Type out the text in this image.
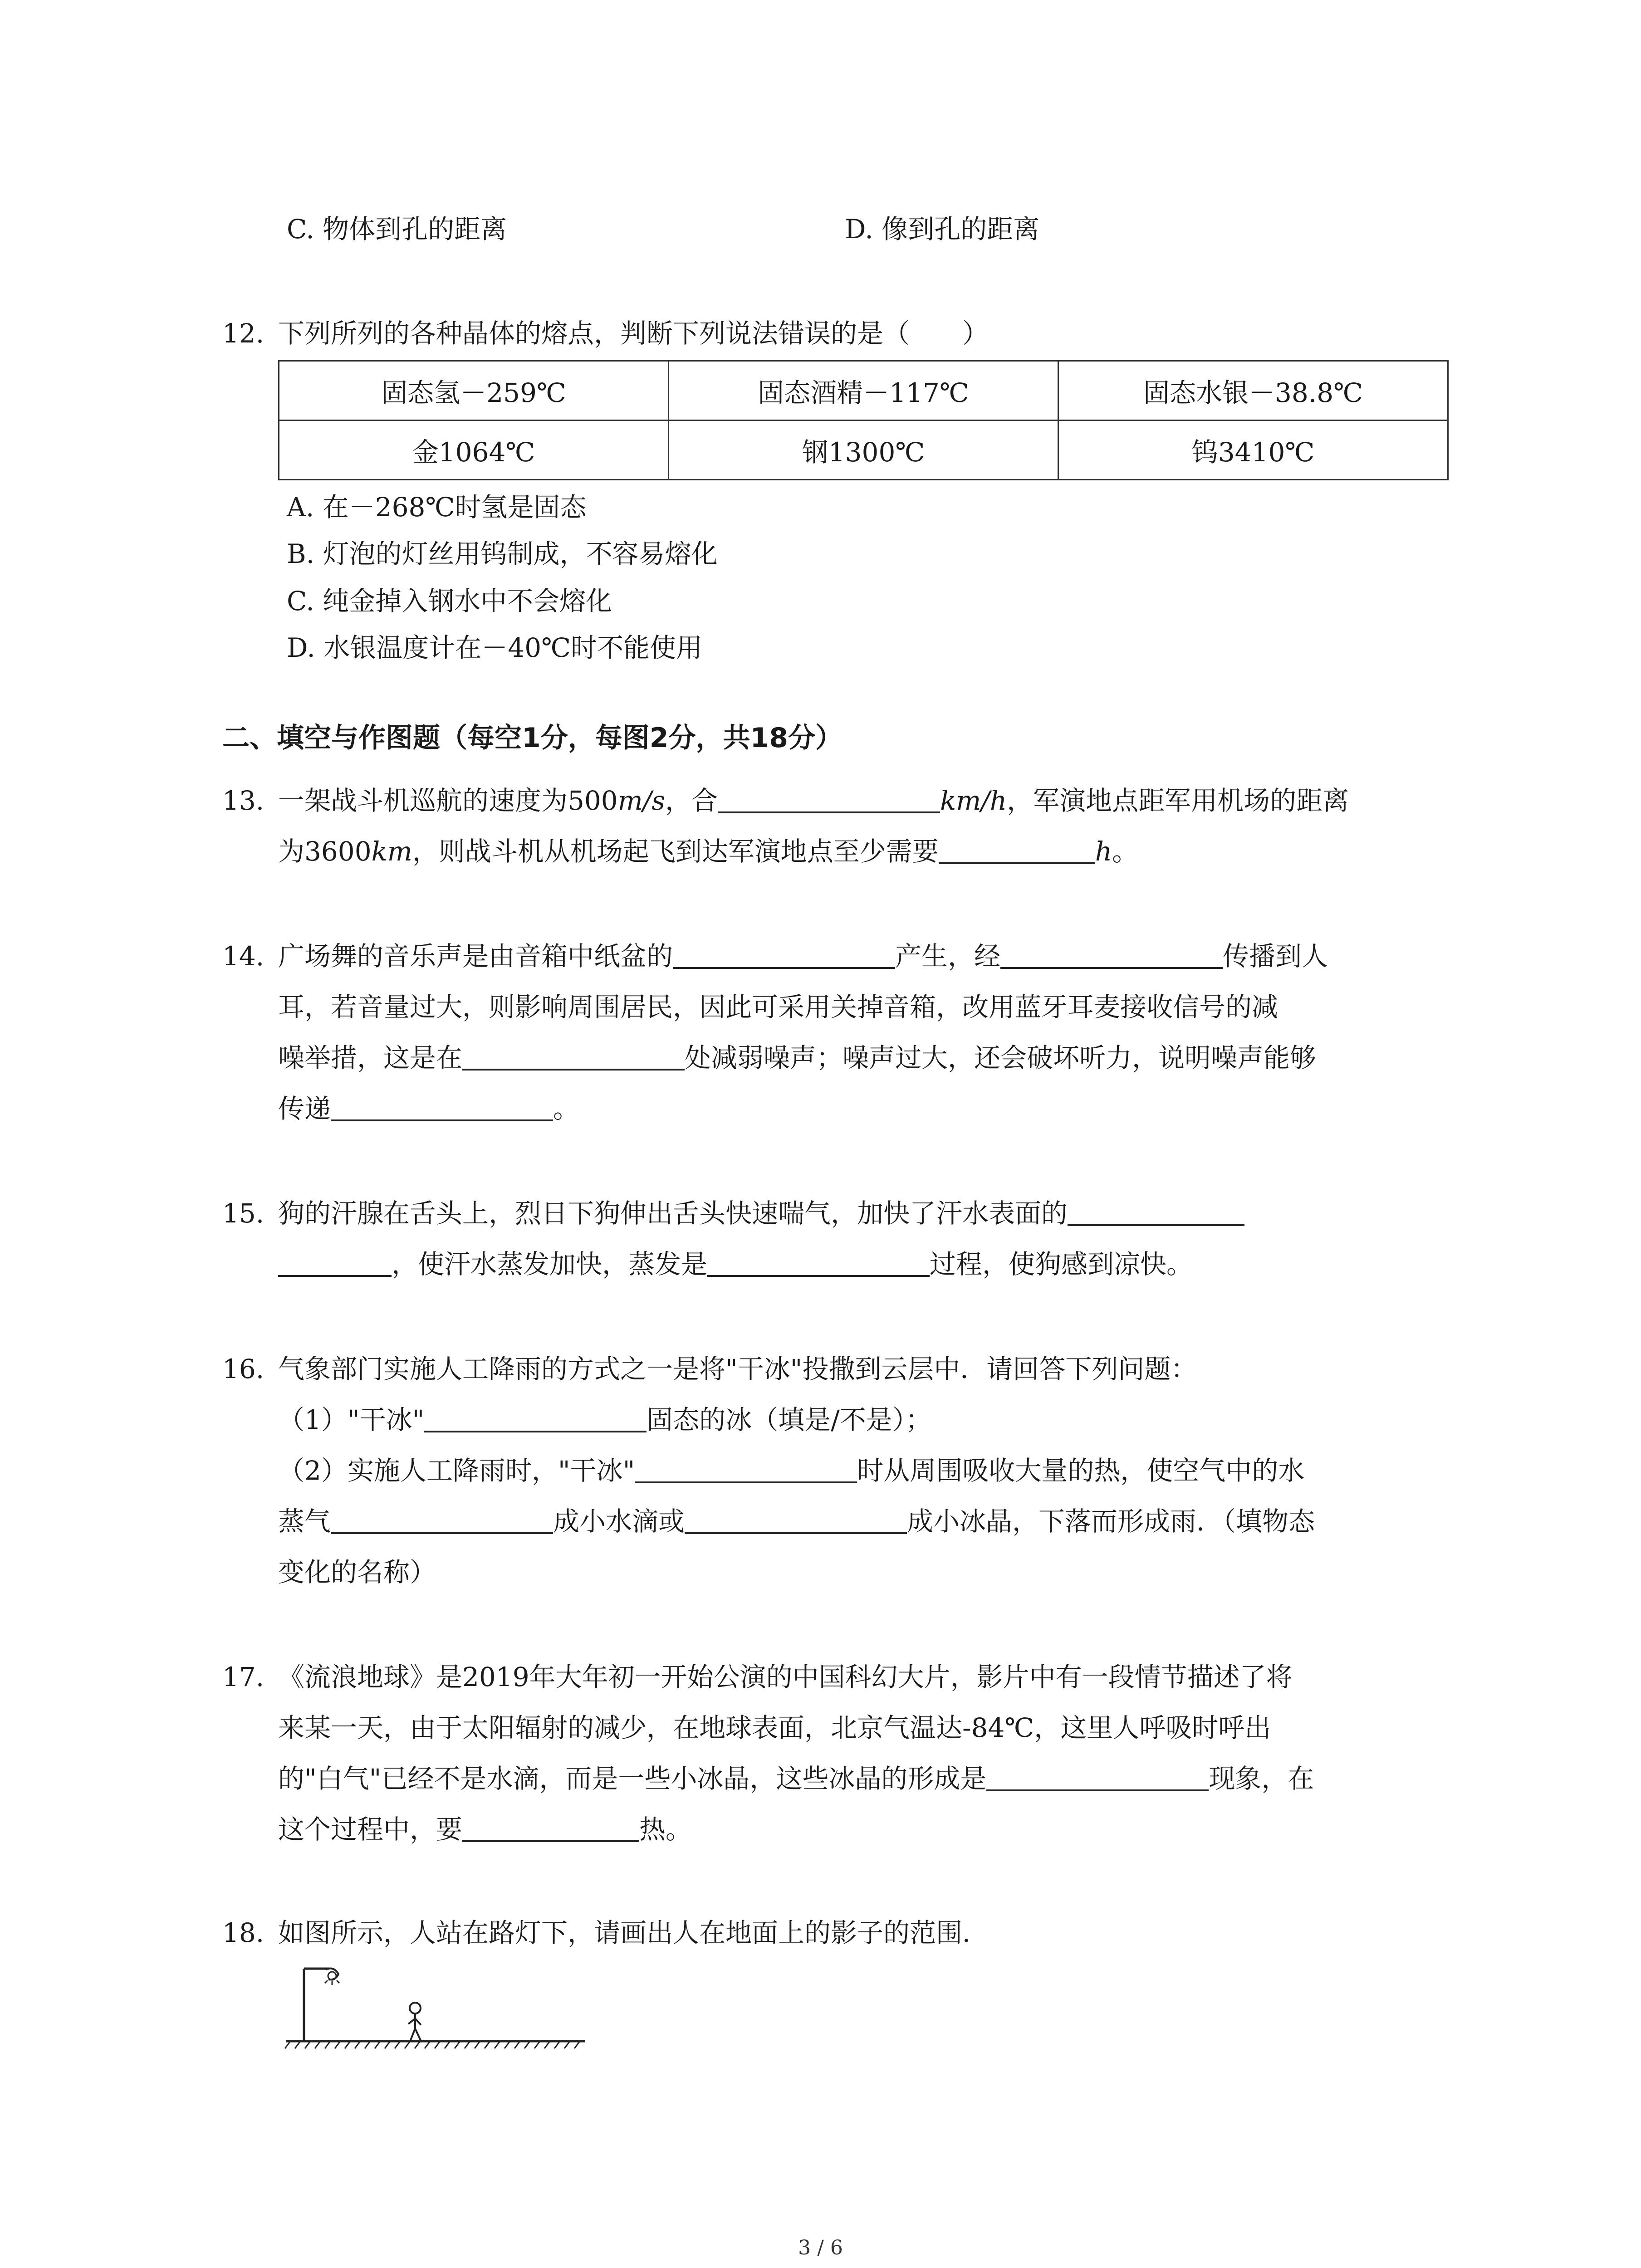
C. 物体到孔的距离	D. 像到孔的距离
12. 下列所列的各种晶体的熔点，判断下列说法错误的是（　　）
固态氢－259℃	固态酒精－117℃	固态水银－38.8℃
金1064℃	钢1300℃	钨3410℃
A. 在－268℃时氢是固态
B. 灯泡的灯丝用钨制成，不容易熔化
C. 纯金掉入钢水中不会熔化
D. 水银温度计在－40℃时不能使用
二、填空与作图题（每空1分，每图2分，共18分）
13. 一架战斗机巡航的速度为500m/s，合	km/h，军演地点距军用机场的距离
为3600km，则战斗机从机场起飞到达军演地点至少需要	h。
14. 广场舞的音乐声是由音箱中纸盆的	产生，经	传播到人
耳，若音量过大，则影响周围居民，因此可采用关掉音箱，改用蓝牙耳麦接收信号的减
噪举措，这是在	处减弱噪声；噪声过大，还会破坏听力，说明噪声能够
传递	。
15. 狗的汗腺在舌头上，烈日下狗伸出舌头快速喘气，加快了汗水表面的
，使汗水蒸发加快，蒸发是	过程，使狗感到凉快。
16. 气象部门实施人工降雨的方式之一是将"干冰"投撒到云层中．请回答下列问题：
（1）"干冰"	固态的冰（填是/不是）；
（2）实施人工降雨时，"干冰"	时从周围吸收大量的热，使空气中的水
蒸气	成小水滴或	成小冰晶，下落而形成雨．（填物态
变化的名称）
17. 《流浪地球》是2019年大年初一开始公演的中国科幻大片，影片中有一段情节描述了将
来某一天，由于太阳辐射的减少，在地球表面，北京气温达-84℃，这里人呼吸时呼出
的"白气"已经不是水滴，而是一些小冰晶，这些冰晶的形成是	现象，在
这个过程中，要	热。
18. 如图所示，人站在路灯下，请画出人在地面上的影子的范围．
3 / 6
